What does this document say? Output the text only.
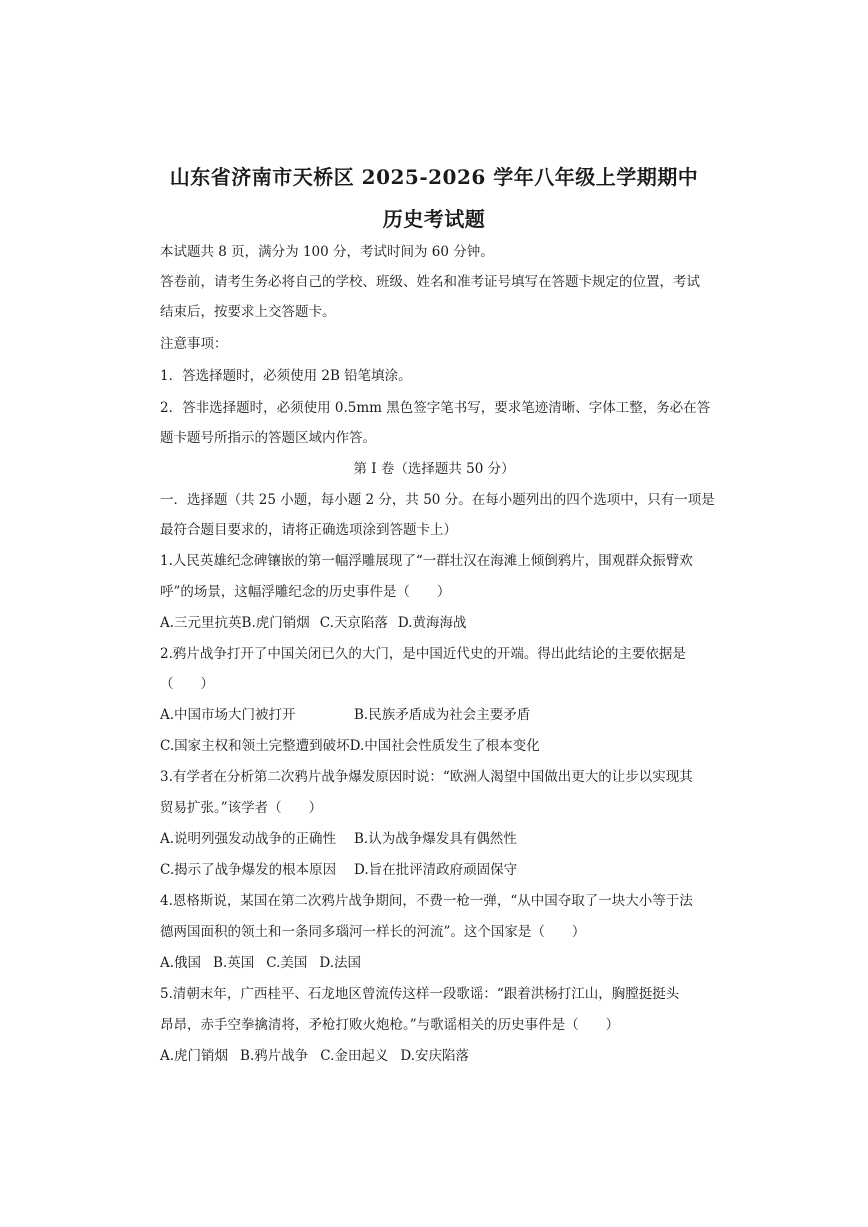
山东省济南市天桥区 2025-2026 学年八年级上学期期中
历史考试题
本试题共 8 页，满分为 100 分，考试时间为 60 分钟。
答卷前，请考生务必将自己的学校、班级、姓名和准考证号填写在答题卡规定的位置，考试
结束后，按要求上交答题卡。
注意事项：
1．答选择题时，必须使用 2B 铅笔填涂。
2．答非选择题时，必须使用 0.5mm 黑色签字笔书写，要求笔迹清晰、字体工整，务必在答
题卡题号所指示的答题区域内作答。
第 I 卷（选择题共 50 分）
一．选择题（共 25 小题，每小题 2 分，共 50 分。在每小题列出的四个选项中，只有一项是
最符合题目要求的，请将正确选项涂到答题卡上）
1.人民英雄纪念碑镶嵌的第一幅浮雕展现了“一群壮汉在海滩上倾倒鸦片，围观群众振臂欢
呼”的场景，这幅浮雕纪念的历史事件是（　　）
A.三元里抗英B.虎门销烟 C.天京陷落 D.黄海海战
2.鸦片战争打开了中国关闭已久的大门，是中国近代史的开端。得出此结论的主要依据是
（　　）
A.中国市场大门被打开	B.民族矛盾成为社会主要矛盾
C.国家主权和领土完整遭到破坏D.中国社会性质发生了根本变化
3.有学者在分析第二次鸦片战争爆发原因时说：“欧洲人渴望中国做出更大的让步以实现其
贸易扩张。”该学者（　　）
A.说明列强发动战争的正确性 B.认为战争爆发具有偶然性
C.揭示了战争爆发的根本原因 D.旨在批评清政府顽固保守
4.恩格斯说，某国在第二次鸦片战争期间，不费一枪一弹，“从中国夺取了一块大小等于法
德两国面积的领土和一条同多瑙河一样长的河流”。这个国家是（　　）
A.俄国 B.英国 C.美国 D.法国
5.清朝末年，广西桂平、石龙地区曾流传这样一段歌谣：“跟着洪杨打江山，胸膛挺挺头
昂昂，赤手空拳擒清将，矛枪打败火炮枪。”与歌谣相关的历史事件是（　　）
A.虎门销烟 B.鸦片战争 C.金田起义 D.安庆陷落
